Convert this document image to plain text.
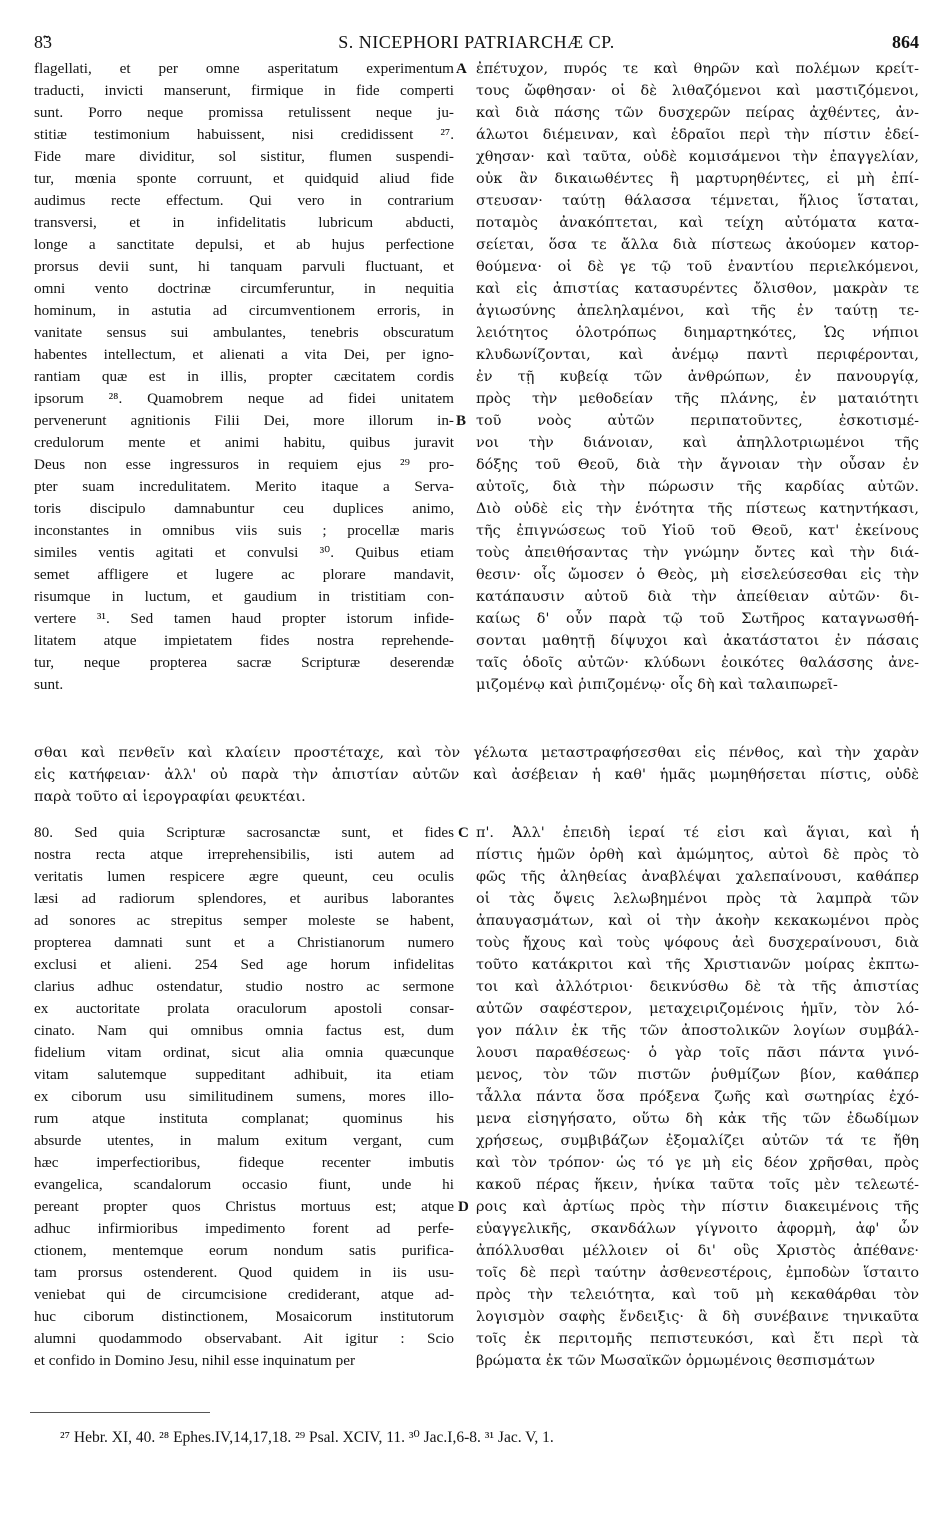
8̃3	S. NICEPHORI PATRIARCHÆ CP.	864
flagellati, et per omne asperitatum experimentum
traducti, invicti manserunt, firmique in fide comperti
sunt. Porro neque promissa retulissent neque ju-
stitiæ testimonium habuissent, nisi credidissent ²⁷.
Fide mare dividitur, sol sistitur, flumen suspendi-
tur, mœnia sponte corruunt, et quidquid aliud fide
audimus recte effectum. Qui vero in contrarium
transversi, et in infidelitatis lubricum abducti,
longe a sanctitate depulsi, et ab hujus perfectione
prorsus devii sunt, hi tanquam parvuli fluctuant, et
omni vento doctrinæ circumferuntur, in nequitia
hominum, in astutia ad circumventionem erroris, in
vanitate sensus sui ambulantes, tenebris obscuratum
habentes intellectum, et alienati a vita Dei, per igno-
rantiam quæ est in illis, propter cæcitatem cordis
ipsorum ²⁸. Quamobrem neque ad fidei unitatem
pervenerunt agnitionis Filii Dei, more illorum in-
credulorum mente et animi habitu, quibus juravit
Deus non esse ingressuros in requiem ejus ²⁹ pro-
pter suam incredulitatem. Merito itaque a Serva-
toris discipulo damnabuntur ceu duplices animo,
inconstantes in omnibus viis suis ; procellæ maris
similes ventis agitati et convulsi ³⁰. Quibus etiam
semet affligere et lugere ac plorare mandavit,
risumque in luctum, et gaudium in tristitiam con-
vertere ³¹. Sed tamen haud propter istorum infide-
litatem atque impietatem fides nostra reprehende-
tur, neque propterea sacræ Scripturæ deserendæ
sunt.
ἐπέτυχον, πυρός τε καὶ θηρῶν καὶ πολέμων κρείτ-
τους ὤφθησαν· οἱ δὲ λιθαζόμενοι καὶ μαστιζόμενοι,
καὶ διὰ πάσης τῶν δυσχερῶν πείρας ἀχθέντες, ἀν-
άλωτοι διέμειναν, καὶ ἑδραῖοι περὶ τὴν πίστιν ἐδεί-
χθησαν· καὶ ταῦτα, οὐδὲ κομισάμενοι τὴν ἐπαγγελίαν,
οὐκ ἂν δικαιωθέντες ἢ μαρτυρηθέντες, εἰ μὴ ἐπί-
στευσαν· ταύτῃ θάλασσα τέμνεται, ἥλιος ἵσταται,
ποταμὸς ἀνακόπτεται, καὶ τείχη αὐτόματα κατα-
σείεται, ὅσα τε ἄλλα διὰ πίστεως ἀκούομεν κατορ-
θούμενα· οἱ δὲ γε τῷ τοῦ ἐναντίου περιελκόμενοι,
καὶ εἰς ἀπιστίας κατασυρέντες ὄλισθον, μακρὰν τε
ἁγιωσύνης ἀπεληλαμένοι, καὶ τῆς ἐν ταύτῃ τε-
λειότητος ὁλοτρόπως διημαρτηκότες, Ὡς νήπιοι
κλυδωνίζονται, καὶ ἀνέμῳ παντὶ περιφέρονται,
ἐν τῇ κυβείᾳ τῶν ἀνθρώπων, ἐν πανουργίᾳ,
πρὸς τὴν μεθοδείαν τῆς πλάνης, ἐν ματαιότητι
τοῦ νοὸς αὐτῶν περιπατοῦντες, ἐσκοτισμέ-
νοι τὴν διάνοιαν, καὶ ἀπηλλοτριωμένοι τῆς
δόξης τοῦ Θεοῦ, διὰ τὴν ἄγνοιαν τὴν οὖσαν ἐν
αὐτοῖς, διὰ τὴν πώρωσιν τῆς καρδίας αὐτῶν.
Διὸ οὐδὲ εἰς τὴν ἑνότητα τῆς πίστεως κατηντήκασι,
τῆς ἐπιγνώσεως τοῦ Υἱοῦ τοῦ Θεοῦ, κατ' ἐκείνους
τοὺς ἀπειθήσαντας τὴν γνώμην ὄντες καὶ τὴν διά-
θεσιν· οἷς ὤμοσεν ὁ Θεὸς, μὴ εἰσελεύσεσθαι εἰς τὴν
κατάπαυσιν αὐτοῦ διὰ τὴν ἀπείθειαν αὐτῶν· δι-
καίως δ' οὖν παρὰ τῷ τοῦ Σωτῆρος καταγνωσθή-
σονται μαθητῇ δίψυχοι καὶ ἀκατάστατοι ἐν πάσαις
ταῖς ὁδοῖς αὐτῶν· κλύδωνι ἐοικότες θαλάσσης ἀνε-
μιζομένῳ καὶ ῥιπιζομένῳ· οἷς δὴ καὶ ταλαιπωρεῖ-
A
B
σθαι καὶ πενθεῖν καὶ κλαίειν προστέταχε, καὶ τὸν γέλωτα μεταστραφήσεσθαι εἰς πένθος, καὶ τὴν χαρὰν
εἰς κατήφειαν· ἀλλ' οὐ παρὰ τὴν ἀπιστίαν αὐτῶν καὶ ἀσέβειαν ἡ καθ' ἡμᾶς μωμηθήσεται πίστις, οὐδὲ
παρὰ τοῦτο αἱ ἱερογραφίαι φευκτέαι.
80. Sed quia Scripturæ sacrosanctæ sunt, et fides
nostra recta atque irreprehensibilis, isti autem ad
veritatis lumen respicere ægre queunt, ceu oculis
læsi ad radiorum splendores, et auribus laborantes
ad sonores ac strepitus semper moleste se habent,
propterea damnati sunt et a Christianorum numero
exclusi et alieni. 254 Sed age horum infidelitas
clarius adhuc ostendatur, studio nostro ac sermone
ex auctoritate prolata oraculorum apostoli consar-
cinato. Nam qui omnibus omnia factus est, dum
fidelium vitam ordinat, sicut alia omnia quæcunque
vitam salutemque suppeditant adhibuit, ita etiam
ex ciborum usu similitudinem sumens, mores illo-
rum atque instituta complanat; quominus his
absurde utentes, in malum exitum vergant, cum
hæc imperfectioribus, fideque recenter imbutis
evangelica, scandalorum occasio fiunt, unde hi
pereant propter quos Christus mortuus est; atque
adhuc infirmioribus impedimento forent ad perfe-
ctionem, mentemque eorum nondum satis purifica-
tam prorsus ostenderent. Quod quidem in iis usu-
veniebat qui de circumcisione crediderant, atque ad-
huc ciborum distinctionem, Mosaicorum institutorum
alumni quodammodo observabant. Ait igitur : Scio
et confido in Domino Jesu, nihil esse inquinatum per
π'. Ἀλλ' ἐπειδὴ ἱεραί τέ εἰσι καὶ ἅγιαι, καὶ ἡ
πίστις ἡμῶν ὀρθὴ καὶ ἀμώμητος, αὐτοὶ δὲ πρὸς τὸ
φῶς τῆς ἀληθείας ἀναβλέψαι χαλεπαίνουσι, καθάπερ
οἱ τὰς ὄψεις λελωβημένοι πρὸς τὰ λαμπρὰ τῶν
ἀπαυγασμάτων, καὶ οἱ τὴν ἀκοὴν κεκακωμένοι πρὸς
τοὺς ἤχους καὶ τοὺς ψόφους ἀεὶ δυσχεραίνουσι, διὰ
τοῦτο κατάκριτοι καὶ τῆς Χριστιανῶν μοίρας ἐκπτω-
τοι καὶ ἀλλότριοι· δεικνύσθω δὲ τὰ τῆς ἀπιστίας
αὐτῶν σαφέστερον, μεταχειριζομένοις ἡμῖν, τὸν λό-
γον πάλιν ἐκ τῆς τῶν ἀποστολικῶν λογίων συμβάλ-
λουσι παραθέσεως· ὁ γὰρ τοῖς πᾶσι πάντα γινό-
μενος, τὸν τῶν πιστῶν ῥυθμίζων βίον, καθάπερ
τἆλλα πάντα ὅσα πρόξενα ζωῆς καὶ σωτηρίας ἐχό-
μενα εἰσηγήσατο, οὕτω δὴ κἀκ τῆς τῶν ἐδωδίμων
χρήσεως, συμβιβάζων ἐξομαλίζει αὐτῶν τά τε ἤθη
καὶ τὸν τρόπον· ὡς τό γε μὴ εἰς δέον χρῆσθαι, πρὸς
κακοῦ πέρας ἥκειν, ἡνίκα ταῦτα τοῖς μὲν τελεωτέ-
ροις καὶ ἀρτίως πρὸς τὴν πίστιν διακειμένοις τῆς
εὐαγγελικῆς, σκανδάλων γίγνοιτο ἀφορμὴ, ἀφ' ὧν
ἀπόλλυσθαι μέλλοιεν οἱ δι' οὓς Χριστὸς ἀπέθανε·
τοῖς δὲ περὶ ταύτην ἀσθενεστέροις, ἐμποδὼν ἵσταιτο
πρὸς τὴν τελειότητα, καὶ τοῦ μὴ κεκαθάρθαι τὸν
λογισμὸν σαφὴς ἔνδειξις· ἃ δὴ συνέβαινε τηνικαῦτα
τοῖς ἐκ περιτομῆς πεπιστευκόσι, καὶ ἔτι περὶ τὰ
βρώματα ἐκ τῶν Μωσαϊκῶν ὁρμωμένοις θεσπισμάτων
C
D
²⁷ Hebr. XI, 40. ²⁸ Ephes.IV,14,17,18. ²⁹ Psal. XCIV, 11. ³⁰ Jac.I,6-8. ³¹ Jac. V, 1.
